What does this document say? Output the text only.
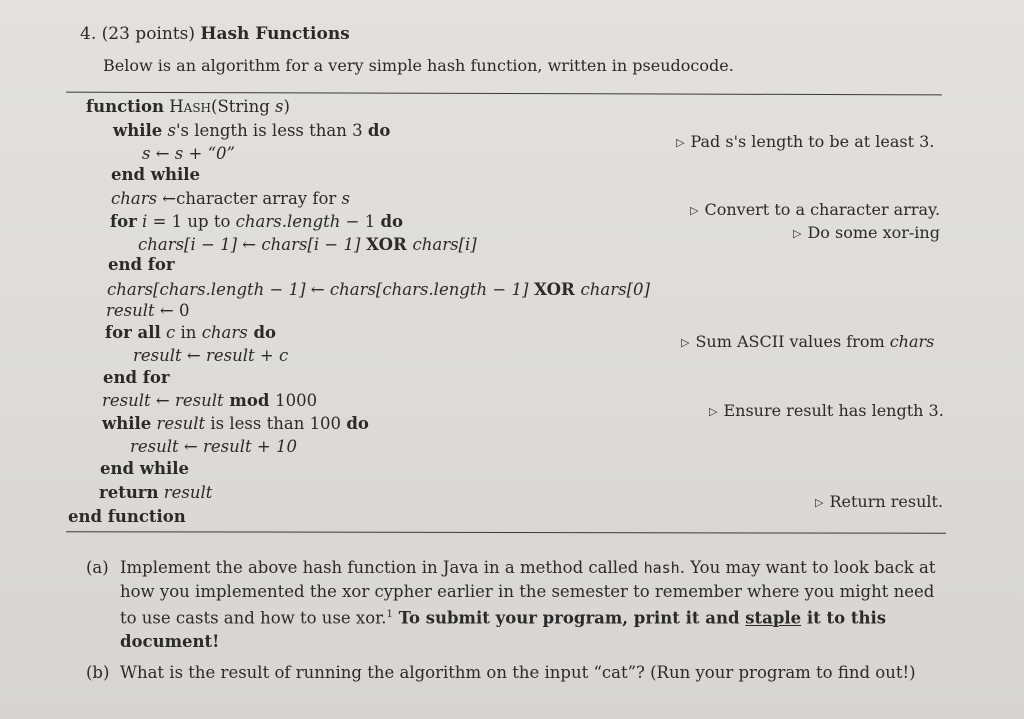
4. (23 points) Hash Functions
Below is an algorithm for a very simple hash function, written in pseudocode.
function Hash(String s)
while s's length is less than 3 do
s ← s + “0”
end while
chars ←character array for s
for i = 1 up to chars.length − 1 do
chars[i − 1] ← chars[i − 1] XOR chars[i]
end for
chars[chars.length − 1] ← chars[chars.length − 1] XOR chars[0]
result ← 0
for all c in chars do
result ← result + c
end for
result ← result mod 1000
while result is less than 100 do
result ← result + 10
end while
return result
end function
▷ Pad s's length to be at least 3.
▷ Convert to a character array.
▷ Do some xor-ing
▷ Sum ASCII values from chars
▷ Ensure result has length 3.
▷ Return result.
(a) Implement the above hash function in Java in a method called hash. You may want to look back at how you implemented the xor cypher earlier in the semester to remember where you might need to use casts and how to use xor.$^1$ To submit your program, print it and staple it to this document!
(b) What is the result of running the algorithm on the input “cat”? (Run your program to find out!)
